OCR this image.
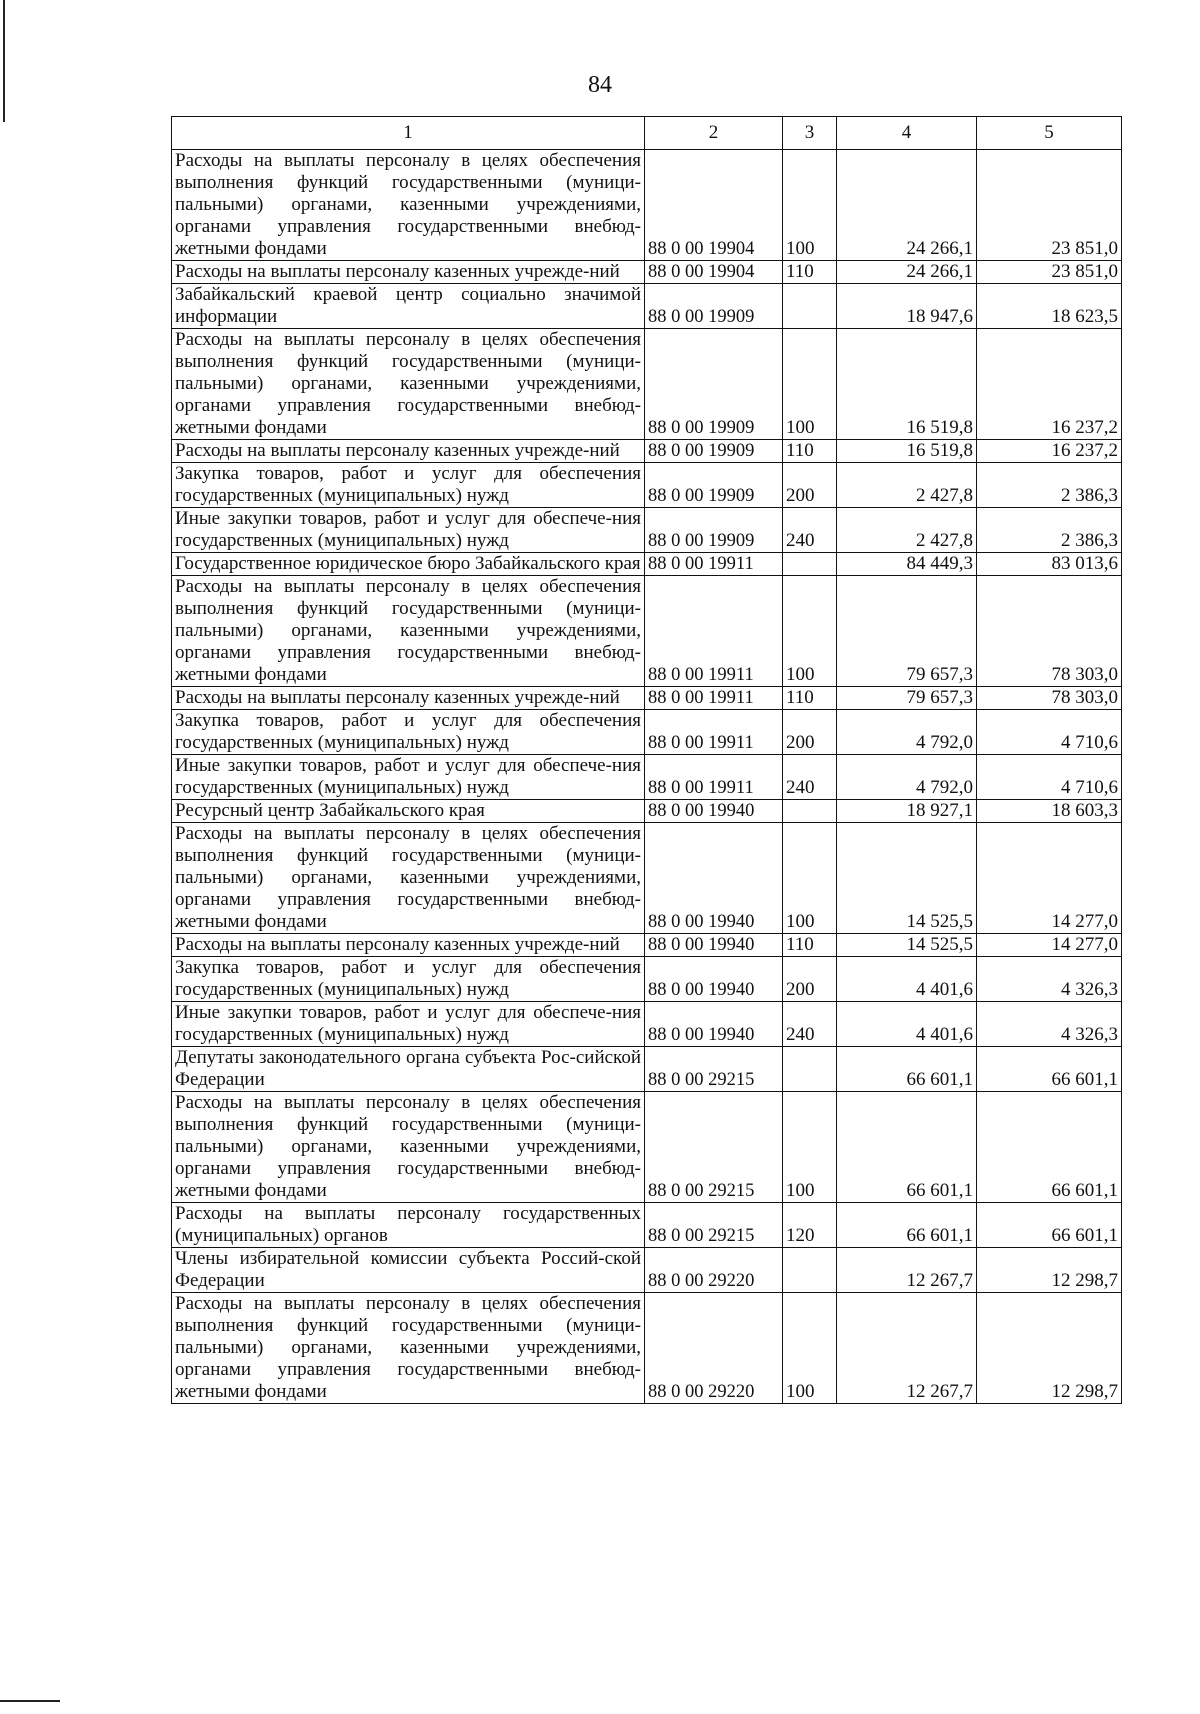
84
1	2	3	4	5
Расходы на выплаты персоналу в целях обеспечения выполнения функций государственными (муници-пальными) органами, казенными учреждениями, органами управления государственными внебюд-жетными фондами	88 0 00 19904	100	24 266,1	23 851,0
Расходы на выплаты персоналу казенных учрежде-ний	88 0 00 19904	110	24 266,1	23 851,0
Забайкальский краевой центр социально значимой информации	88 0 00 19909		18 947,6	18 623,5
Расходы на выплаты персоналу в целях обеспечения выполнения функций государственными (муници-пальными) органами, казенными учреждениями, органами управления государственными внебюд-жетными фондами	88 0 00 19909	100	16 519,8	16 237,2
Расходы на выплаты персоналу казенных учрежде-ний	88 0 00 19909	110	16 519,8	16 237,2
Закупка товаров, работ и услуг для обеспечения государственных (муниципальных) нужд	88 0 00 19909	200	2 427,8	2 386,3
Иные закупки товаров, работ и услуг для обеспече-ния государственных (муниципальных) нужд	88 0 00 19909	240	2 427,8	2 386,3
Государственное юридическое бюро Забайкальского края	88 0 00 19911		84 449,3	83 013,6
Расходы на выплаты персоналу в целях обеспечения выполнения функций государственными (муници-пальными) органами, казенными учреждениями, органами управления государственными внебюд-жетными фондами	88 0 00 19911	100	79 657,3	78 303,0
Расходы на выплаты персоналу казенных учрежде-ний	88 0 00 19911	110	79 657,3	78 303,0
Закупка товаров, работ и услуг для обеспечения государственных (муниципальных) нужд	88 0 00 19911	200	4 792,0	4 710,6
Иные закупки товаров, работ и услуг для обеспече-ния государственных (муниципальных) нужд	88 0 00 19911	240	4 792,0	4 710,6
Ресурсный центр Забайкальского края	88 0 00 19940		18 927,1	18 603,3
Расходы на выплаты персоналу в целях обеспечения выполнения функций государственными (муници-пальными) органами, казенными учреждениями, органами управления государственными внебюд-жетными фондами	88 0 00 19940	100	14 525,5	14 277,0
Расходы на выплаты персоналу казенных учрежде-ний	88 0 00 19940	110	14 525,5	14 277,0
Закупка товаров, работ и услуг для обеспечения государственных (муниципальных) нужд	88 0 00 19940	200	4 401,6	4 326,3
Иные закупки товаров, работ и услуг для обеспече-ния государственных (муниципальных) нужд	88 0 00 19940	240	4 401,6	4 326,3
Депутаты законодательного органа субъекта Рос-сийской Федерации	88 0 00 29215		66 601,1	66 601,1
Расходы на выплаты персоналу в целях обеспечения выполнения функций государственными (муници-пальными) органами, казенными учреждениями, органами управления государственными внебюд-жетными фондами	88 0 00 29215	100	66 601,1	66 601,1
Расходы на выплаты персоналу государственных (муниципальных) органов	88 0 00 29215	120	66 601,1	66 601,1
Члены избирательной комиссии субъекта Россий-ской Федерации	88 0 00 29220		12 267,7	12 298,7
Расходы на выплаты персоналу в целях обеспечения выполнения функций государственными (муници-пальными) органами, казенными учреждениями, органами управления государственными внебюд-жетными фондами	88 0 00 29220	100	12 267,7	12 298,7
